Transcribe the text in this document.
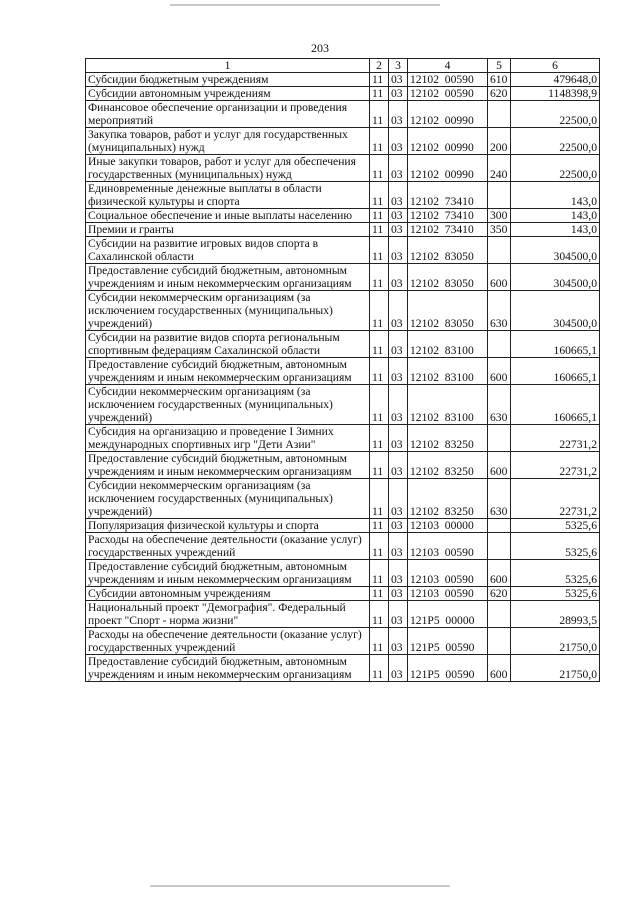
203
1	2	3	4	5	6
Субсидии бюджетным учреждениям	11	03	12102  00590	610	479648,0
Субсидии автономным учреждениям	11	03	12102  00590	620	1148398,9
Финансовое обеспечение организации и проведения мероприятий	11	03	12102  00990		22500,0
Закупка товаров, работ и услуг для государственных (муниципальных) нужд	11	03	12102  00990	200	22500,0
Иные закупки товаров, работ и услуг для обеспечения государственных (муниципальных) нужд	11	03	12102  00990	240	22500,0
Единовременные денежные выплаты в области физической культуры и спорта	11	03	12102  73410		143,0
Социальное обеспечение и иные выплаты населению	11	03	12102  73410	300	143,0
Премии и гранты	11	03	12102  73410	350	143,0
Субсидии на развитие игровых видов спорта в Сахалинской области	11	03	12102  83050		304500,0
Предоставление субсидий бюджетным, автономным учреждениям и иным некоммерческим организациям	11	03	12102  83050	600	304500,0
Субсидии некоммерческим организациям (за исключением государственных (муниципальных) учреждений)	11	03	12102  83050	630	304500,0
Субсидии на развитие видов спорта региональным спортивным федерациям Сахалинской области	11	03	12102  83100		160665,1
Предоставление субсидий бюджетным, автономным учреждениям и иным некоммерческим организациям	11	03	12102  83100	600	160665,1
Субсидии некоммерческим организациям (за исключением государственных (муниципальных) учреждений)	11	03	12102  83100	630	160665,1
Субсидия на организацию и проведение I Зимних международных спортивных игр "Дети Азии"	11	03	12102  83250		22731,2
Предоставление субсидий бюджетным, автономным учреждениям и иным некоммерческим организациям	11	03	12102  83250	600	22731,2
Субсидии некоммерческим организациям (за исключением государственных (муниципальных) учреждений)	11	03	12102  83250	630	22731,2
Популяризация физической культуры и спорта	11	03	12103  00000		5325,6
Расходы на обеспечение деятельности (оказание услуг) государственных учреждений	11	03	12103  00590		5325,6
Предоставление субсидий бюджетным, автономным учреждениям и иным некоммерческим организациям	11	03	12103  00590	600	5325,6
Субсидии автономным учреждениям	11	03	12103  00590	620	5325,6
Национальный проект "Демография". Федеральный проект "Спорт - норма жизни"	11	03	121P5  00000		28993,5
Расходы на обеспечение деятельности (оказание услуг) государственных учреждений	11	03	121P5  00590		21750,0
Предоставление субсидий бюджетным, автономным учреждениям и иным некоммерческим организациям	11	03	121P5  00590	600	21750,0
